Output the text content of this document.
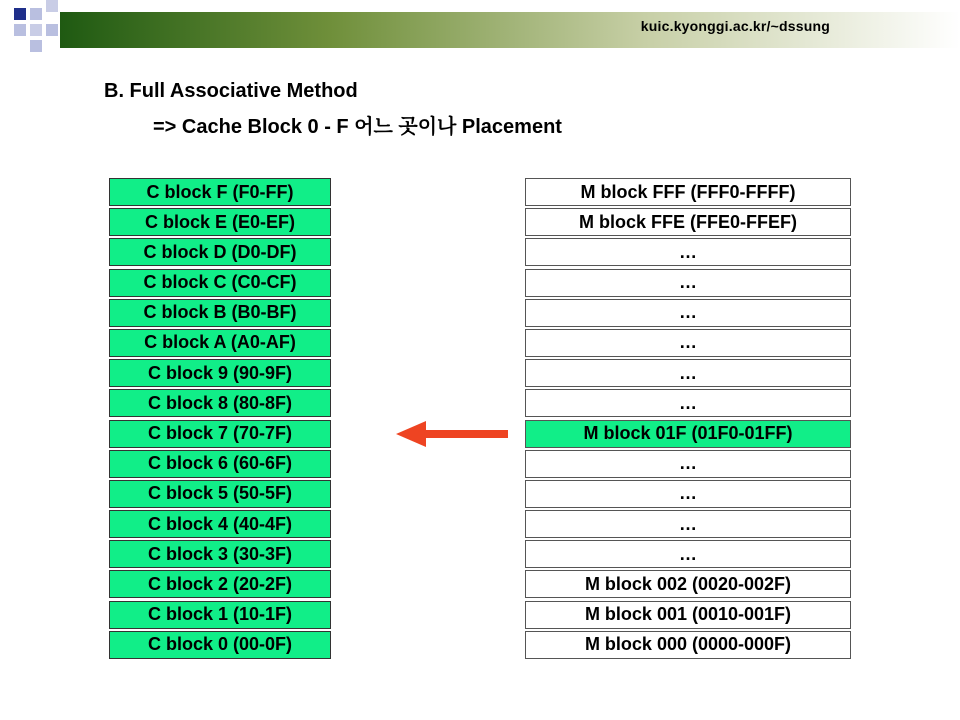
kuic.kyonggi.ac.kr/~dssung
B. Full Associative Method
=> Cache Block 0 - F 어느 곳이나 Placement
C block F (F0-FF)
C block E (E0-EF)
C block D (D0-DF)
C block C (C0-CF)
C block B (B0-BF)
C block A (A0-AF)
C block 9 (90-9F)
C block 8 (80-8F)
C block 7 (70-7F)
C block 6 (60-6F)
C block 5 (50-5F)
C block 4 (40-4F)
C block 3 (30-3F)
C block 2 (20-2F)
C block 1 (10-1F)
C block 0 (00-0F)
M block FFF (FFF0-FFFF)
M block FFE (FFE0-FFEF)
…
…
…
…
…
…
M block 01F (01F0-01FF)
…
…
…
…
M block 002 (0020-002F)
M block 001 (0010-001F)
M block 000 (0000-000F)
